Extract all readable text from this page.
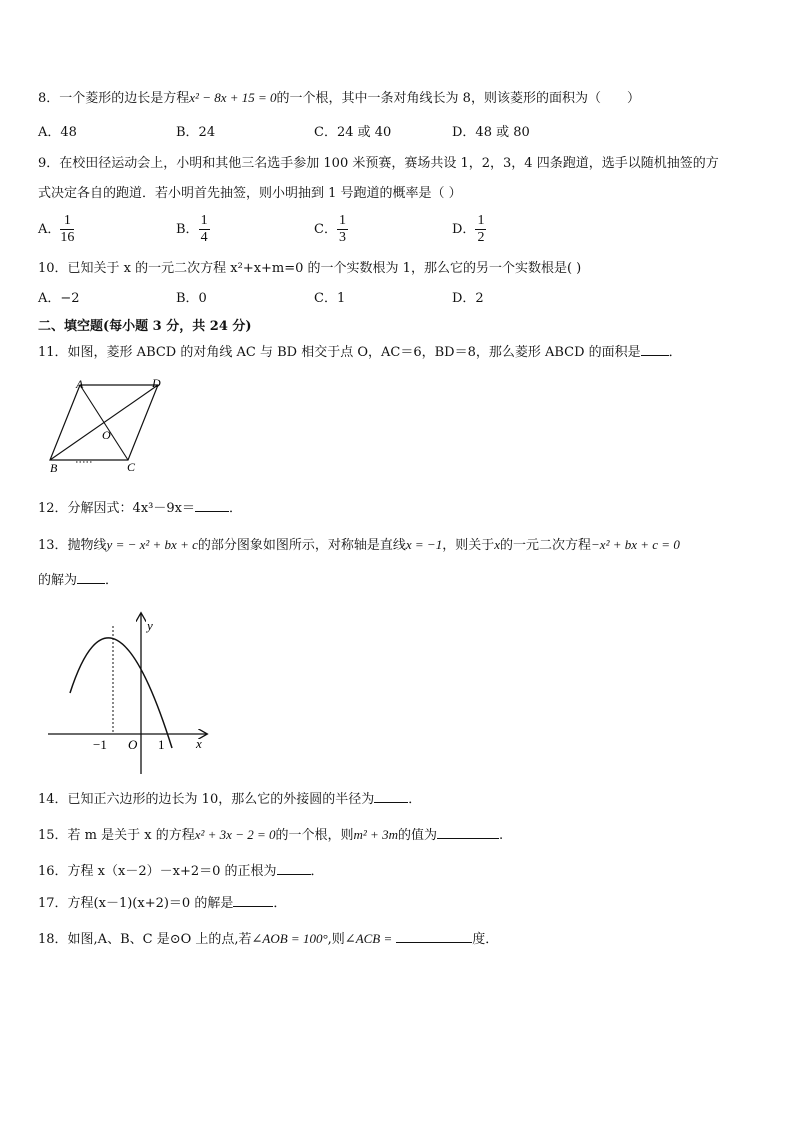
8．一个菱形的边长是方程x² − 8x + 15 = 0的一个根，其中一条对角线长为 8，则该菱形的面积为（　　）
A．48	B．24	C．24 或 40	D．48 或 80
9．在校田径运动会上，小明和其他三名选手参加 100 米预赛，赛场共设 1，2，3，4 四条跑道，选手以随机抽签的方
式决定各自的跑道．若小明首先抽签，则小明抽到 1 号跑道的概率是（ ）
A． $\frac{1}{16}$	B． $\frac{1}{4}$	C． $\frac{1}{3}$	D． $\frac{1}{2}$
10．已知关于 x 的一元二次方程 x²+x+m=0 的一个实数根为 1，那么它的另一个实数根是( )
A．−2	B．0	C．1	D．2
二、填空题(每小题 3 分，共 24 分)
11．如图，菱形 ABCD 的对角线 AC 与 BD 相交于点 O，AC＝6，BD＝8，那么菱形 ABCD 的面积是 ．
A	D
B	C
O
12．分解因式：4x³－9x＝	．
13．抛物线y = − x² + bx + c的部分图象如图所示，对称轴是直线x = −1，则关于x的一元二次方程−x² + bx + c = 0
的解为 ．
y
x
O
−1	1
14．已知正六边形的边长为 10，那么它的外接圆的半径为	．
15．若 m 是关于 x 的方程x² + 3x − 2 = 0的一个根，则m² + 3m的值为	.
16．方程 x（x－2）－x+2＝0 的正根为	．
17．方程(x－1)(x+2)＝0 的解是	．
18．如图,A、B、C 是⊙O 上的点,若∠AOB = 100°,则∠ACB =	度．
